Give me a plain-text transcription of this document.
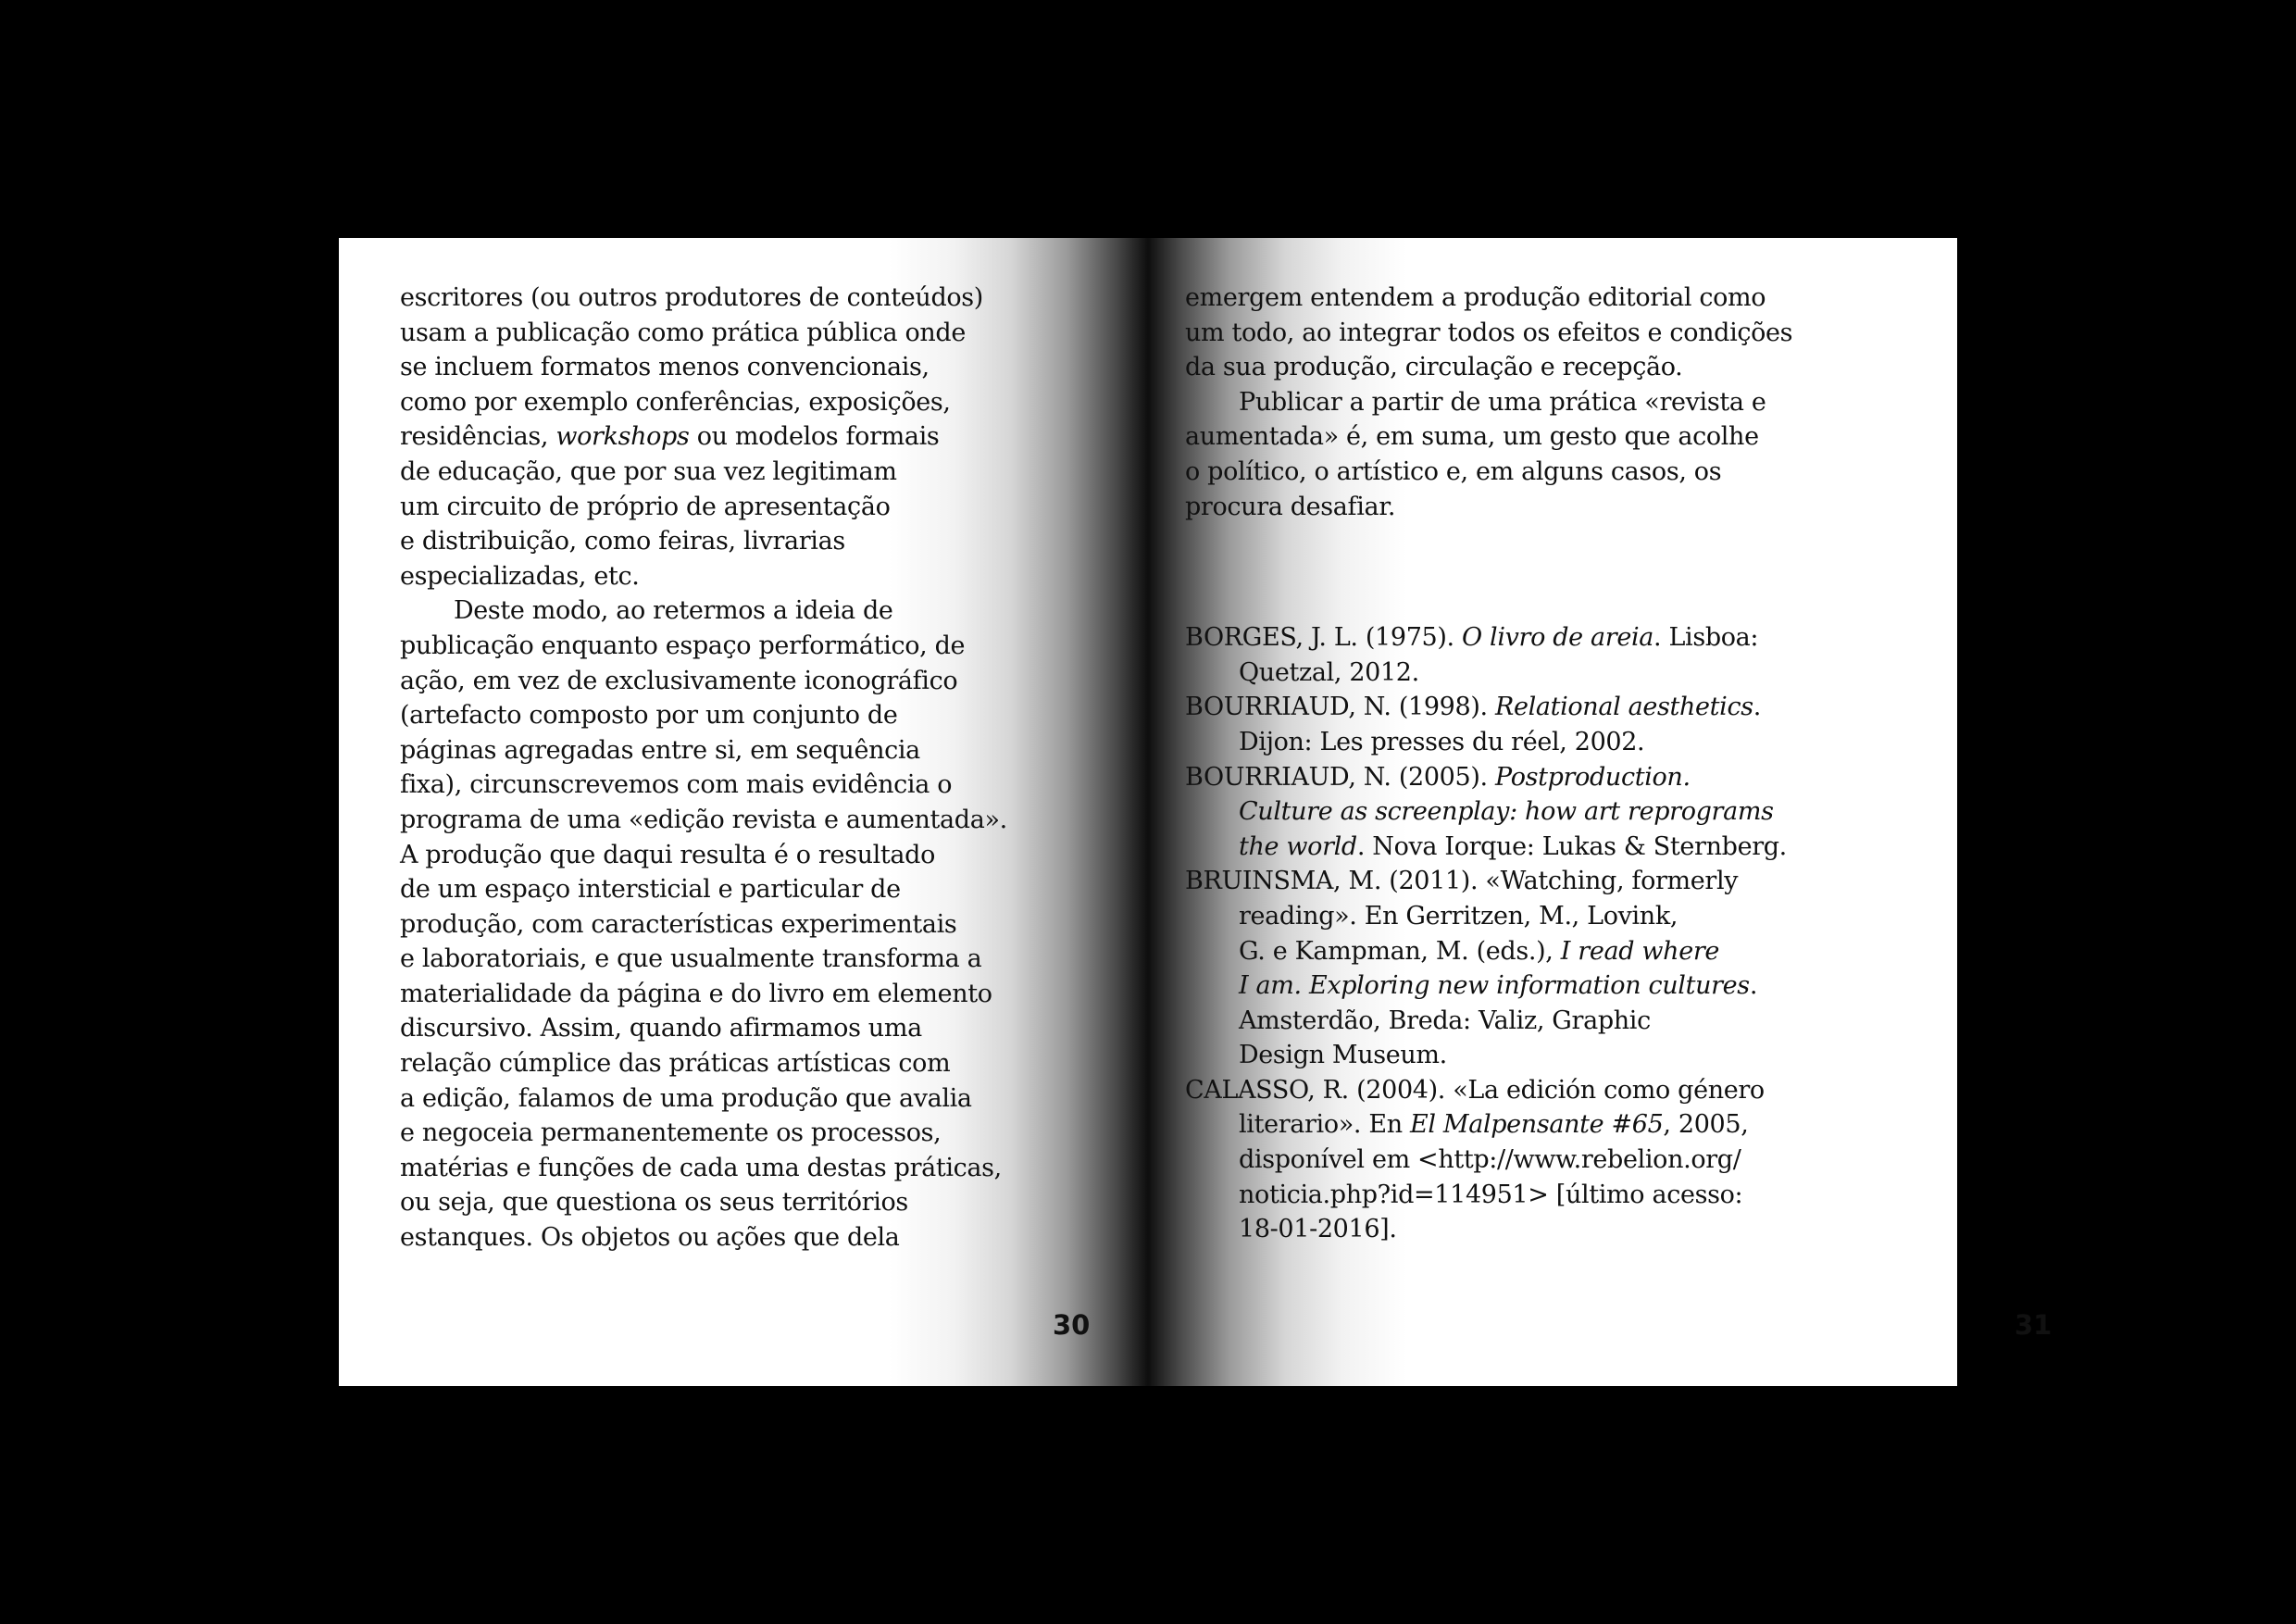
escritores (ou outros produtores de conteúdos)
usam a publicação como prática pública onde
se incluem formatos menos convencionais,
como por exemplo conferências, exposições,
residências, workshops ou modelos formais
de educação, que por sua vez legitimam
um circuito de próprio de apresentação
e distribuição, como feiras, livrarias
especializadas, etc.
Deste modo, ao retermos a ideia de
publicação enquanto espaço performático, de
ação, em vez de exclusivamente iconográfico
(artefacto composto por um conjunto de
páginas agregadas entre si, em sequência
fixa), circunscrevemos com mais evidência o
programa de uma «edição revista e aumentada».
A produção que daqui resulta é o resultado
de um espaço intersticial e particular de
produção, com características experimentais
e laboratoriais, e que usualmente transforma a
materialidade da página e do livro em elemento
discursivo. Assim, quando afirmamos uma
relação cúmplice das práticas artísticas com
a edição, falamos de uma produção que avalia
e negoceia permanentemente os processos,
matérias e funções de cada uma destas práticas,
ou seja, que questiona os seus territórios
estanques. Os objetos ou ações que dela
30
emergem entendem a produção editorial como
um todo, ao integrar todos os efeitos e condições
da sua produção, circulação e recepção.
Publicar a partir de uma prática «revista e
aumentada» é, em suma, um gesto que acolhe
o político, o artístico e, em alguns casos, os
procura desafiar.
BORGES, J. L. (1975). O livro de areia. Lisboa:
Quetzal, 2012.
BOURRIAUD, N. (1998). Relational aesthetics.
Dijon: Les presses du réel, 2002.
BOURRIAUD, N. (2005). Postproduction.
Culture as screenplay: how art reprograms
the world. Nova Iorque: Lukas & Sternberg.
BRUINSMA, M. (2011). «Watching, formerly
reading». En Gerritzen, M., Lovink,
G. e Kampman, M. (eds.), I read where
I am. Exploring new information cultures.
Amsterdão, Breda: Valiz, Graphic
Design Museum.
CALASSO, R. (2004). «La edición como género
literario». En El Malpensante #65, 2005,
disponível em <http://www.rebelion.org/
noticia.php?id=114951> [último acesso:
18-01-2016].
31
